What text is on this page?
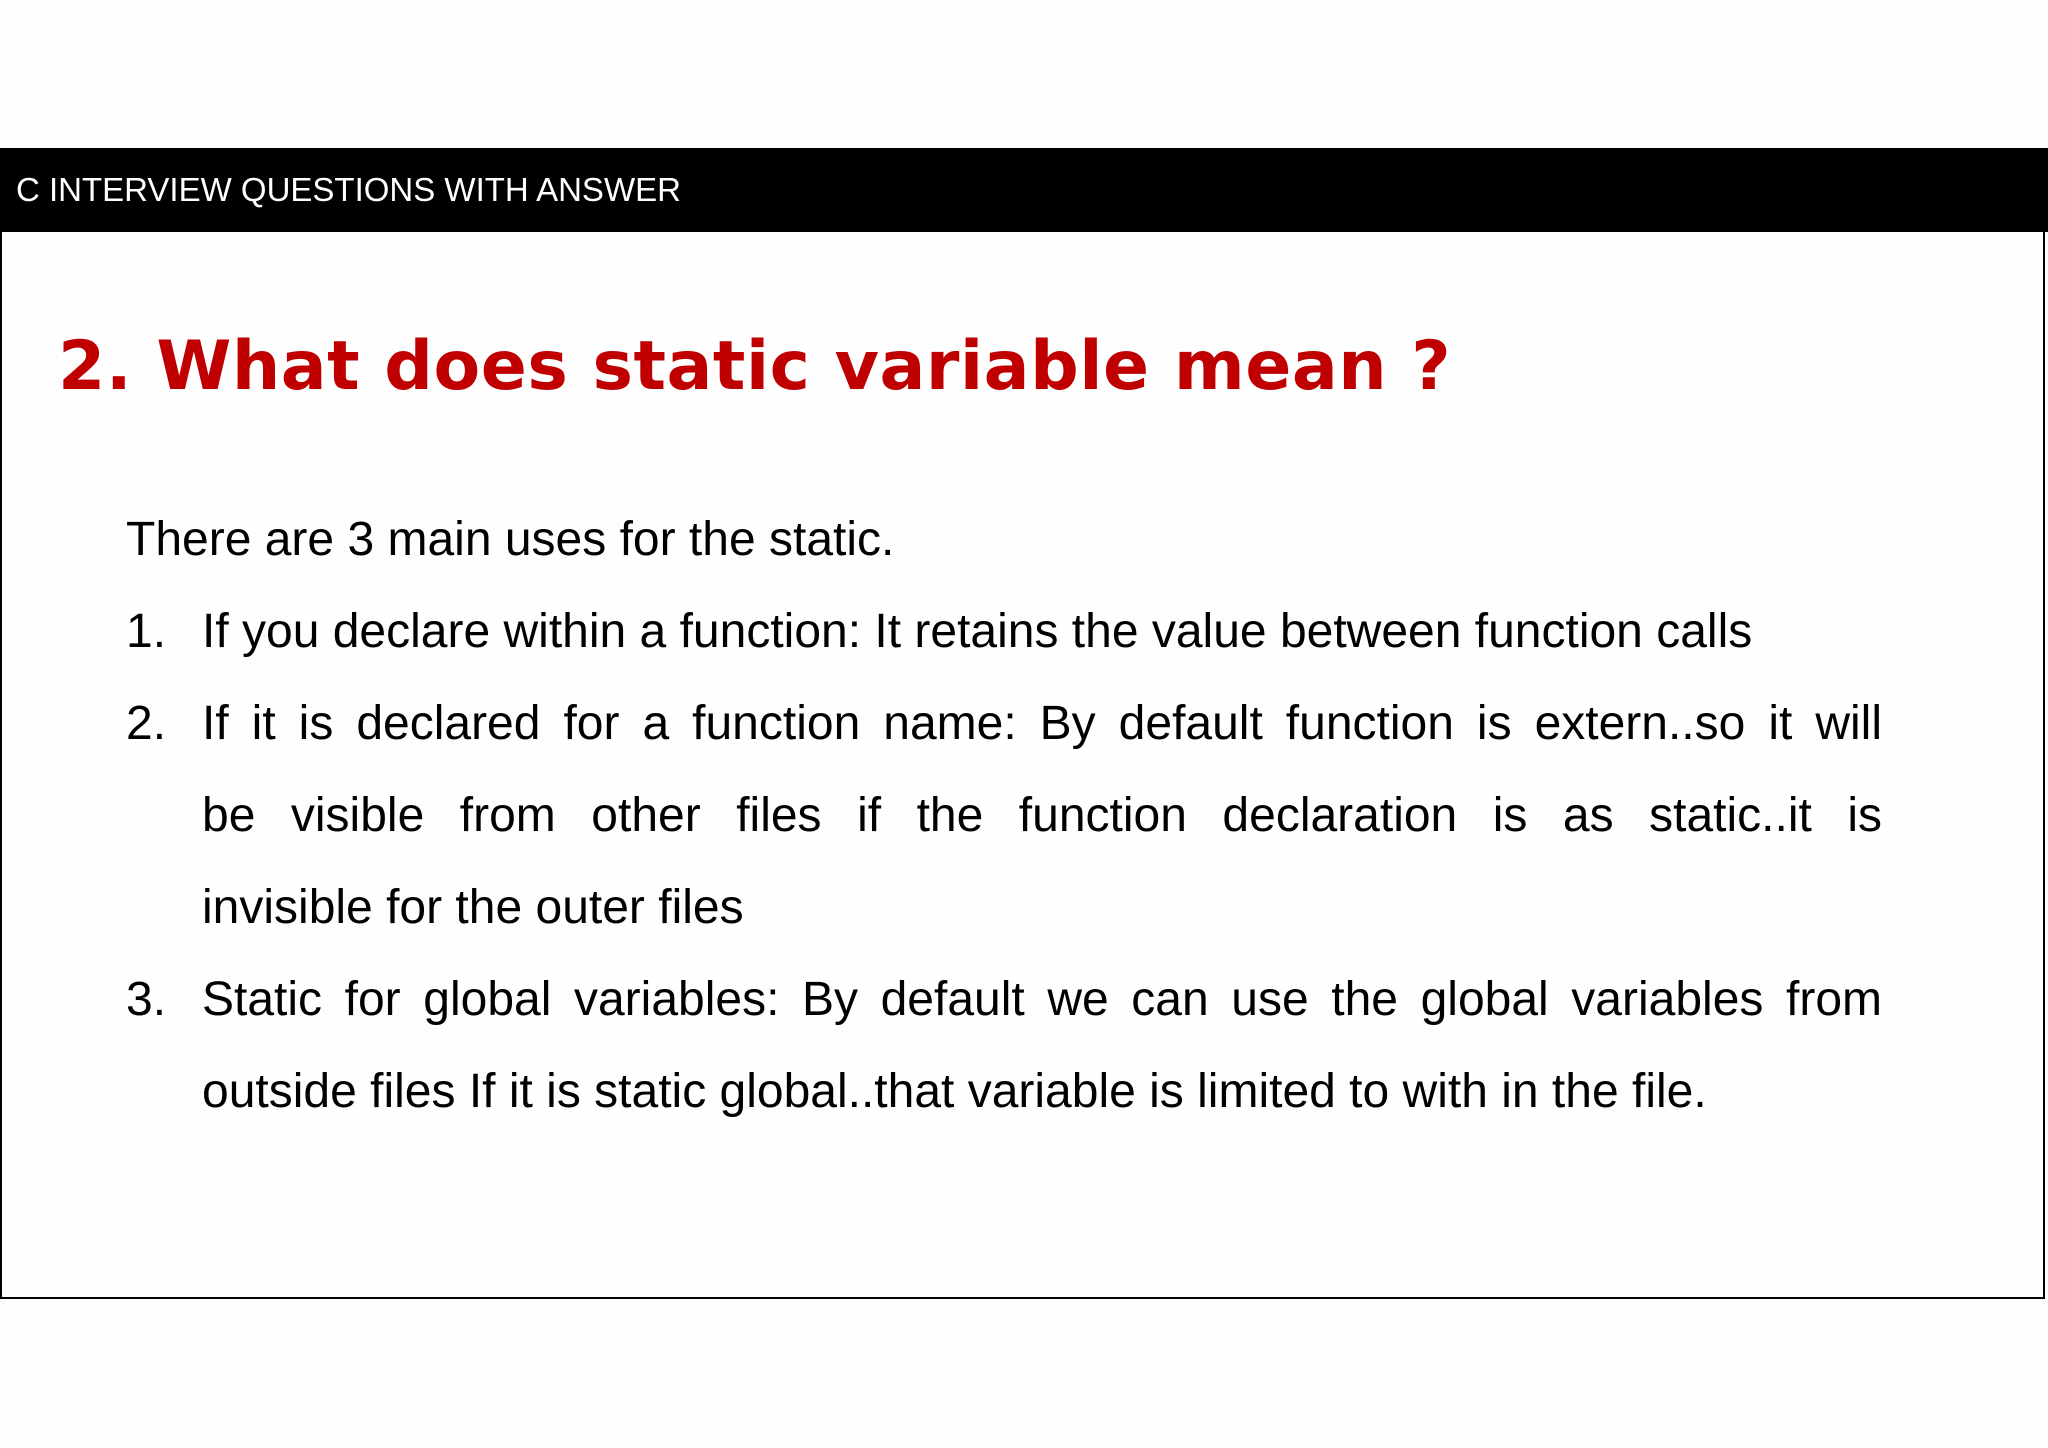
C INTERVIEW QUESTIONS WITH ANSWER
2. What does static variable mean ?
There are 3 main uses for the static.
1. If you declare within a function: It retains the value between function calls
2. If it is declared for a function name: By default function is extern..so it will
be visible from other files if the function declaration is as static..it is
invisible for the outer files
3. Static for global variables: By default we can use the global variables from
outside files If it is static global..that variable is limited to with in the file.
